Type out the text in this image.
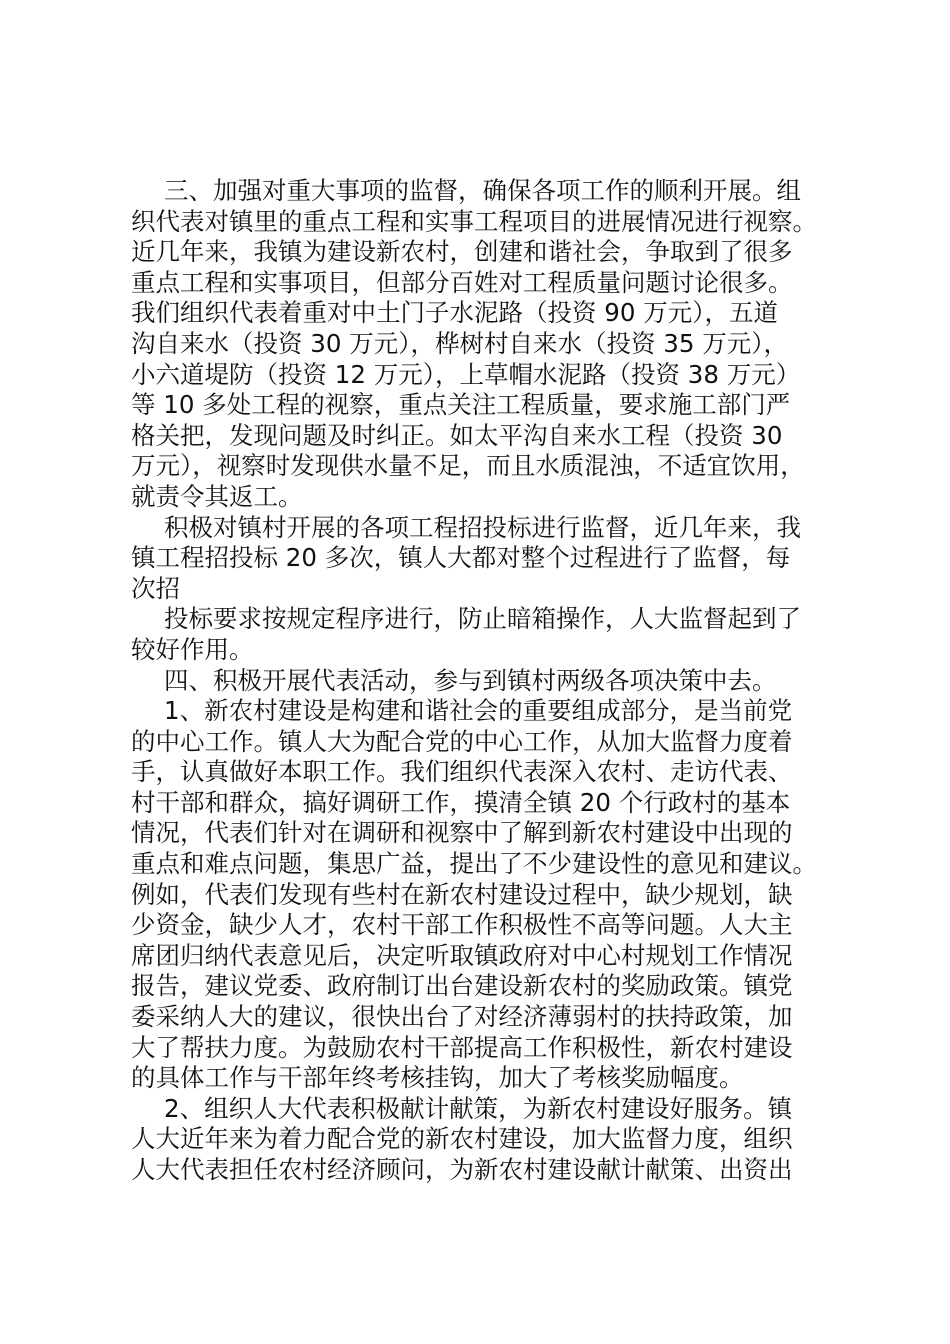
三、加强对重大事项的监督，确保各项工作的顺利开展。组
织代表对镇里的重点工程和实事工程项目的进展情况进行视察。
近几年来，我镇为建设新农村，创建和谐社会，争取到了很多
重点工程和实事项目，但部分百姓对工程质量问题讨论很多。
我们组织代表着重对中土门子水泥路（投资 90 万元），五道
沟自来水（投资 30 万元），桦树村自来水（投资 35 万元），
小六道堤防（投资 12 万元），上草帽水泥路（投资 38 万元）
等 10 多处工程的视察，重点关注工程质量，要求施工部门严
格关把，发现问题及时纠正。如太平沟自来水工程（投资 30
万元），视察时发现供水量不足，而且水质混浊，不适宜饮用，
就责令其返工。
积极对镇村开展的各项工程招投标进行监督，近几年来，我
镇工程招投标 20 多次，镇人大都对整个过程进行了监督，每
次招
投标要求按规定程序进行，防止暗箱操作，人大监督起到了
较好作用。
四、积极开展代表活动，参与到镇村两级各项决策中去。
1、新农村建设是构建和谐社会的重要组成部分，是当前党
的中心工作。镇人大为配合党的中心工作，从加大监督力度着
手，认真做好本职工作。我们组织代表深入农村、走访代表、
村干部和群众，搞好调研工作，摸清全镇 20 个行政村的基本
情况，代表们针对在调研和视察中了解到新农村建设中出现的
重点和难点问题，集思广益，提出了不少建设性的意见和建议。
例如，代表们发现有些村在新农村建设过程中，缺少规划，缺
少资金，缺少人才，农村干部工作积极性不高等问题。人大主
席团归纳代表意见后，决定听取镇政府对中心村规划工作情况
报告，建议党委、政府制订出台建设新农村的奖励政策。镇党
委采纳人大的建议，很快出台了对经济薄弱村的扶持政策，加
大了帮扶力度。为鼓励农村干部提高工作积极性，新农村建设
的具体工作与干部年终考核挂钩，加大了考核奖励幅度。
2、组织人大代表积极献计献策，为新农村建设好服务。镇
人大近年来为着力配合党的新农村建设，加大监督力度，组织
人大代表担任农村经济顾问，为新农村建设献计献策、出资出
